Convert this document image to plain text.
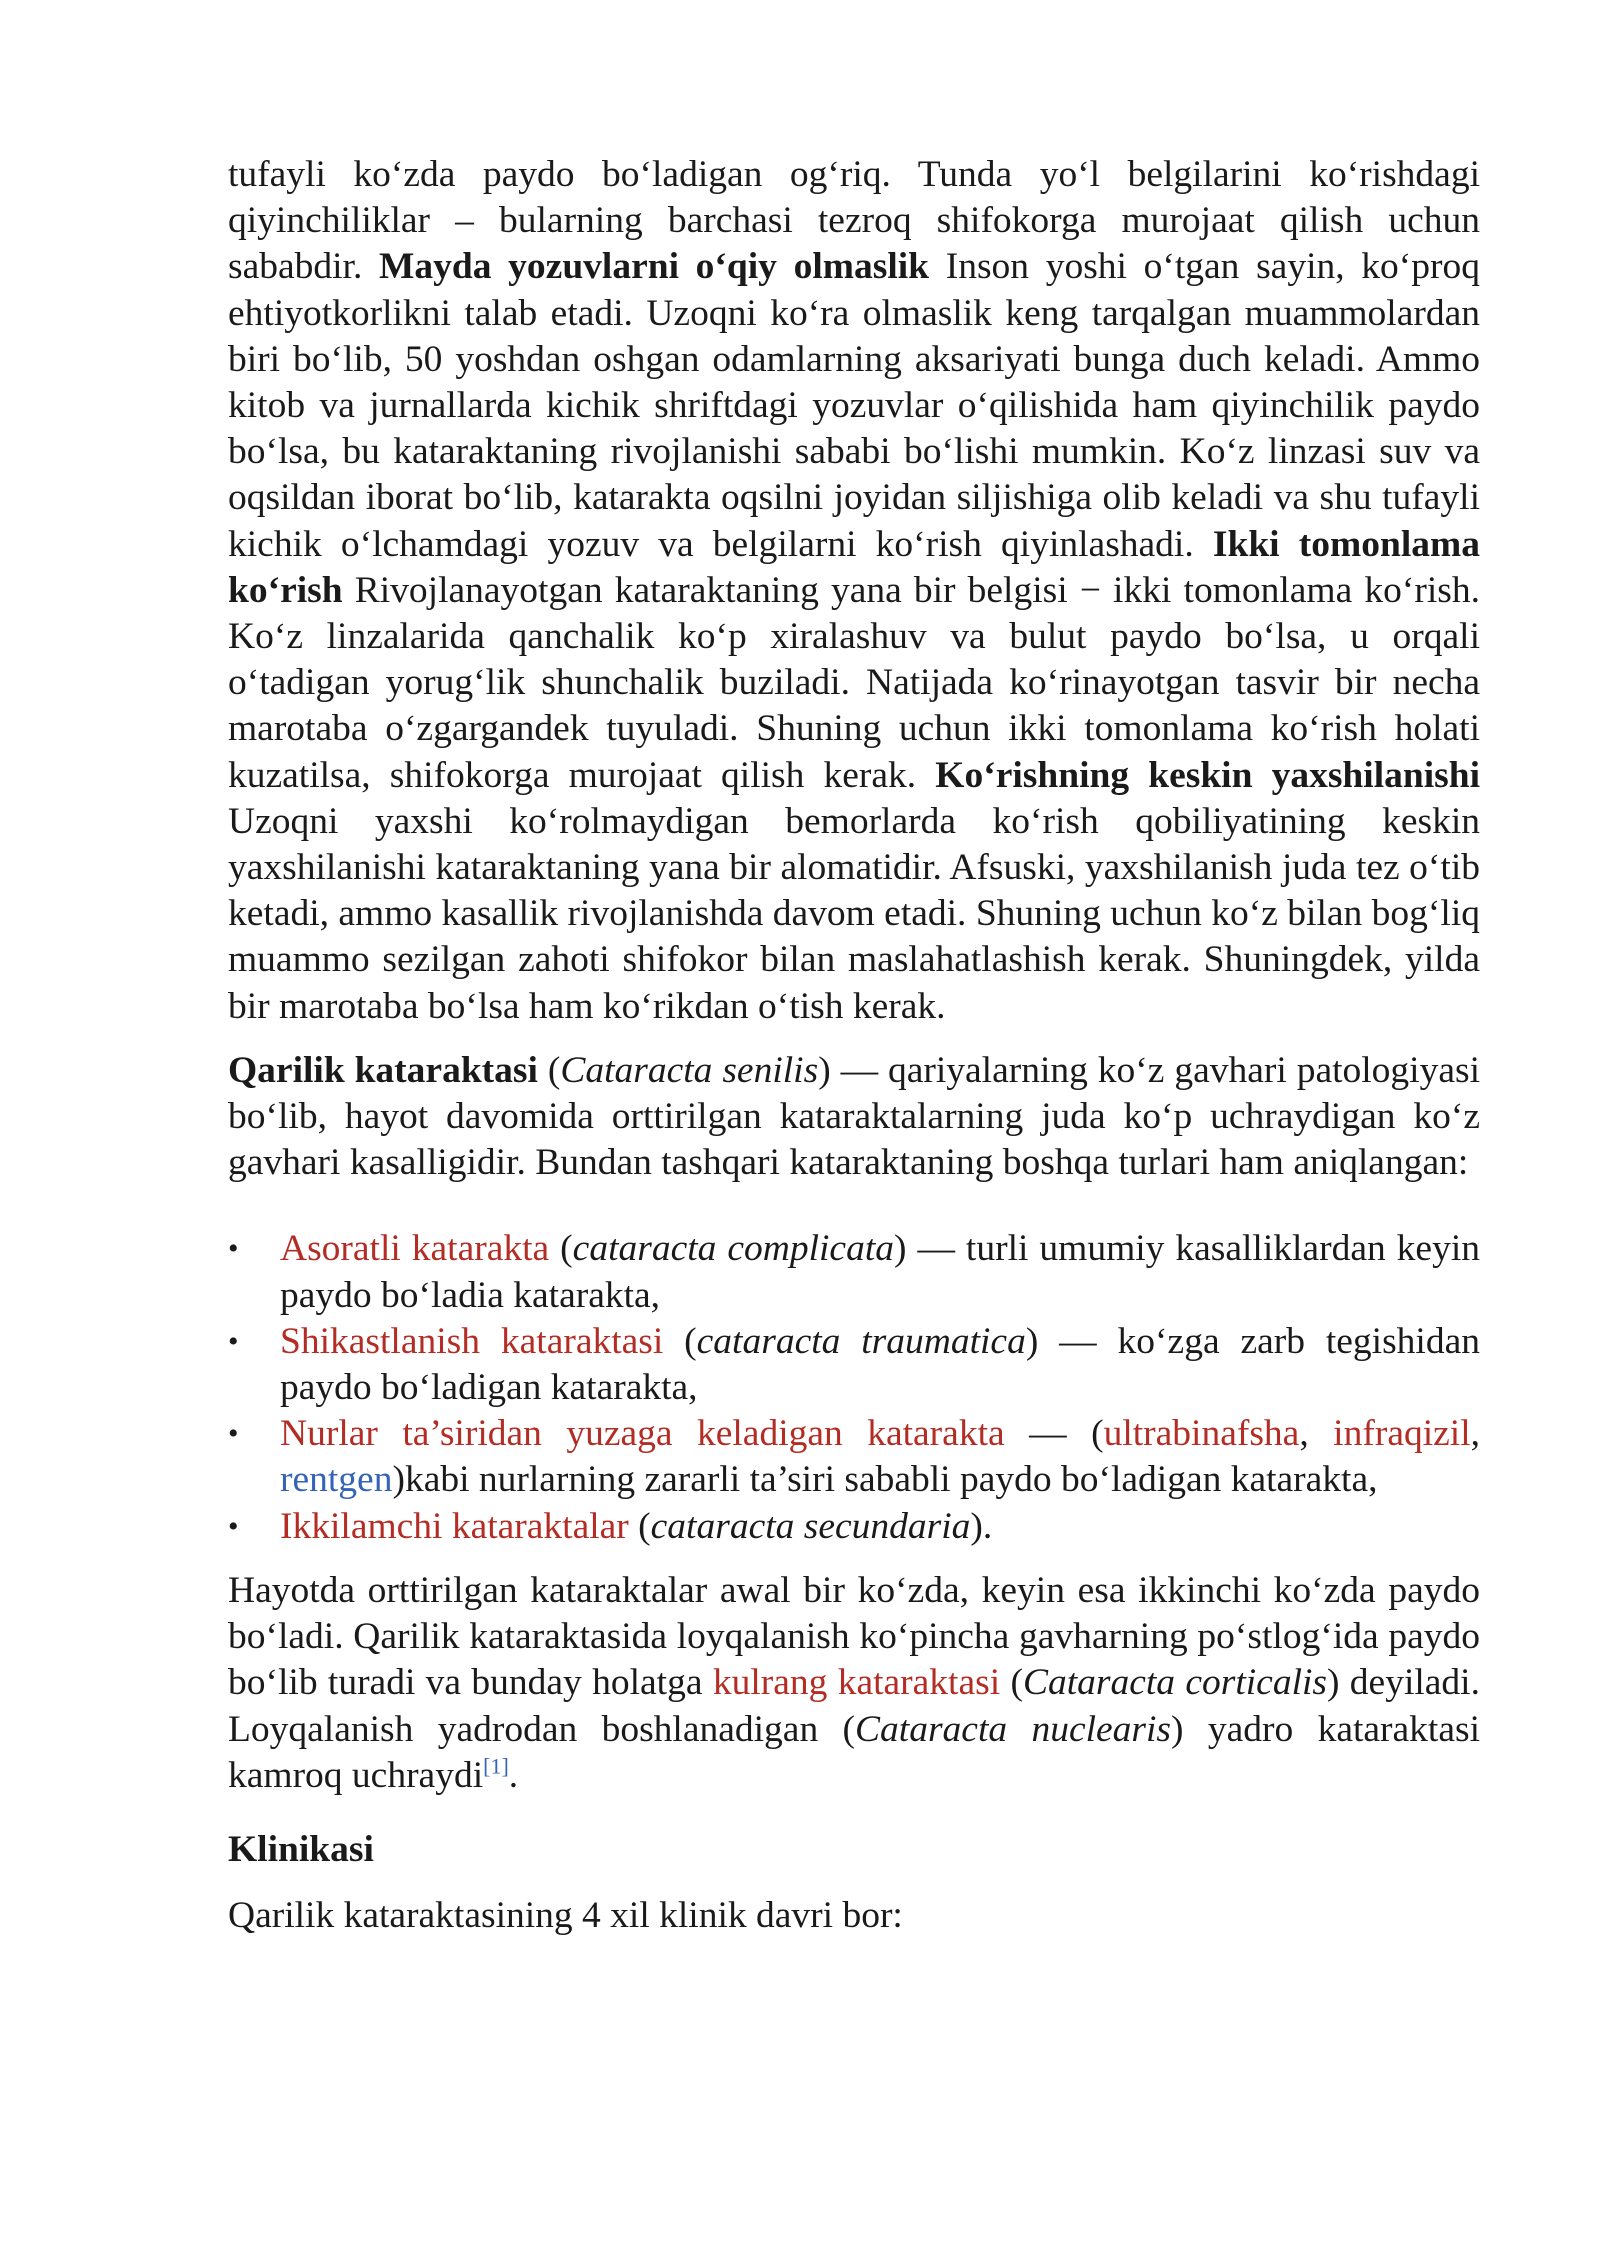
tufayli ko‘zda paydo bo‘ladigan og‘riq. Tunda yo‘l belgilarini ko‘rishdagi qiyinchiliklar – bularning barchasi tezroq shifokorga murojaat qilish uchun sababdir. Mayda yozuvlarni o‘qiy olmaslik Inson yoshi o‘tgan sayin, ko‘proq ehtiyotkorlikni talab etadi. Uzoqni ko‘ra olmaslik keng tarqalgan muammolardan biri bo‘lib, 50 yoshdan oshgan odamlarning aksariyati bunga duch keladi. Ammo kitob va jurnallarda kichik shriftdagi yozuvlar o‘qilishida ham qiyinchilik paydo bo‘lsa, bu kataraktaning rivojlanishi sababi bo‘lishi mumkin. Ko‘z linzasi suv va oqsildan iborat bo‘lib, katarakta oqsilni joyidan siljishiga olib keladi va shu tufayli kichik o‘lchamdagi yozuv va belgilarni ko‘rish qiyinlashadi. Ikki tomonlama ko‘rish Rivojlanayotgan kataraktaning yana bir belgisi − ikki tomonlama ko‘rish. Ko‘z linzalarida qanchalik ko‘p xiralashuv va bulut paydo bo‘lsa, u orqali o‘tadigan yorug‘lik shunchalik buziladi. Natijada ko‘rinayotgan tasvir bir necha marotaba o‘zgargandek tuyuladi. Shuning uchun ikki tomonlama ko‘rish holati kuzatilsa, shifokorga murojaat qilish kerak. Ko‘rishning keskin yaxshilanishi Uzoqni yaxshi ko‘rolmaydigan bemorlarda ko‘rish qobiliyatining keskin yaxshilanishi kataraktaning yana bir alomatidir. Afsuski, yaxshilanish juda tez o‘tib ketadi, ammo kasallik rivojlanishda davom etadi. Shuning uchun ko‘z bilan bog‘liq muammo sezilgan zahoti shifokor bilan maslahatlashish kerak. Shuningdek, yilda bir marotaba bo‘lsa ham ko‘rikdan o‘tish kerak.

Qarilik kataraktasi (Cataracta senilis) — qariyalarning ko‘z gavhari patologiyasi bo‘lib, hayot davomida orttirilgan kataraktalarning juda ko‘p uchraydigan ko‘z gavhari kasalligidir. Bundan tashqari kataraktaning boshqa turlari ham aniqlangan:

• Asoratli katarakta (cataracta complicata) — turli umumiy kasalliklardan keyin paydo bo‘ladia katarakta,
• Shikastlanish kataraktasi (cataracta traumatica) — ko‘zga zarb tegishidan paydo bo‘ladigan katarakta,
• Nurlar ta’siridan yuzaga keladigan katarakta — (ultrabinafsha, infraqizil, rentgen)kabi nurlarning zararli ta’siri sababli paydo bo‘ladigan katarakta,
• Ikkilamchi kataraktalar (cataracta secundaria).

Hayotda orttirilgan kataraktalar awal bir ko‘zda, keyin esa ikkinchi ko‘zda paydo bo‘ladi. Qarilik kataraktasida loyqalanish ko‘pincha gavharning po‘stlog‘ida paydo bo‘lib turadi va bunday holatga kulrang kataraktasi (Cataracta corticalis) deyiladi. Loyqalanish yadrodan boshlanadigan (Cataracta nuclearis) yadro kataraktasi kamroq uchraydi[1].

Klinikasi

Qarilik kataraktasining 4 xil klinik davri bor:
